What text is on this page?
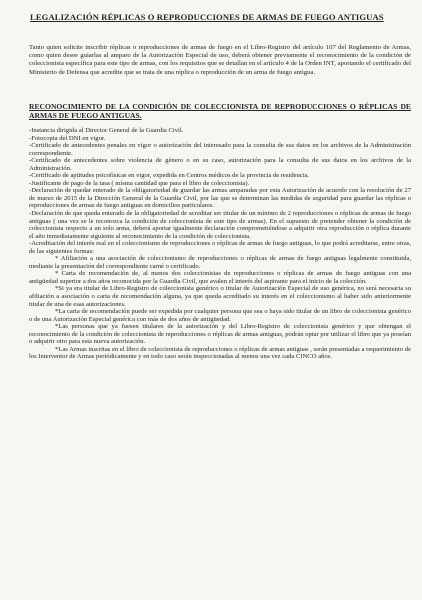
LEGALIZACIÓN RÉPLICAS O REPRODUCCIONES DE ARMAS DE FUEGO ANTIGUAS
Tanto quien solicite inscribir réplicas o reproducciones de armas de fuego en el Libro-Registro del artículo 107 del Reglamento de Armas, como quien desee guiarlas al amparo de la Autorización Especial de uso, deberá obtener previamente el reconocimiento de la condición de coleccionista específica para este tipo de armas, con los requisitos que se detallan en el artículo 4 de la Orden INT, aportando el certificado del Ministerio de Defensa que acredite que se trata de una réplica o reproducción de un arma de fuego antigua.
RECONOCIMIENTO DE LA CONDICIÓN DE COLECCIONISTA DE REPRODUCCIONES O RÉPLICAS DE ARMAS DE FUEGO ANTIGUAS.

-Instancia dirigida al Director General de la Guardia Civil.

-Fotocopia del DNI en vigor.

-Certificado de antecedentes penales en vigor o autorización del interesado para la consulta de sus datos en los archivos de la Administración correspondiente.

-Certificado de antecedentes sobre violencia de género o en su caso, autorización para la consulta de sus datos en los archivos de la Administración.

-Certificado de aptitudes psicofísicas en vigor, expedida en Centros médicos de la provincia de residencia.

-Justificante de pago de la tasa ( mísma cantidad que para el libro de coleccionista).

-Declaración de quedar enterado de la obligatoriedad de guardar las armas amparadas por esta Autorización de acuerdo con la resolución de 27 de marzo de 2015 de la Dirección General de la Guardia Civil, por las que se determinan las medidas de seguridad para guardar las réplicas o reproducciones de armas de fuego antiguas en domicilios particulares.

-Declaración de que queda enterado de la obligatoriedad de acreditar ser titular de un mínimo de 2 reproducciones o réplicas de armas de fuego antiguas ( una vez se le reconozca la condición de coleccionista de este tipo de armas). En el supuesto de pretender obtener la condición de coleccionista respecto a un solo arma, deberá aportar igualmente declaración comprometiéndose a adquirir otra reproducción o réplica durante el año inmediatamente siguiente al reconocimiento de la condición de coleccionista.

-Acreditación del interés real en el coleccionismo de reproducciones o réplicas de armas de fuego antiguas, lo que podrá acreditarse, entre otras, de las siguientes formas:

* Afiliación a una asociación de coleccionismo de reproducciones o réplicas de armas de fuego antiguas legalmente constituida, mediante la presentación del correspondiente carné o certificado.

* Carta de recomendación de, al menos dos coleccionistas de reproducciones o réplicas de armas de fuego antiguas con una antigüedad superior a dos años reconocida por la Guardia Civil, que avalen el interés del aspirante para el inicio de la colección.

*Si ya era titular de Libro-Registro de coleccionista genérico o titular de Autorización Especial de uso genérica, no será necesaria su afiliación a asociación o carta de recomendación alguna, ya que queda acreditado su interés en el coleccionismo al haber sido anteriormente titular de una de esas autorizaciones.

*La carta de recomendación puede ser expedida por cualquier persona que sea o haya sido titular de un libro de coleccionista genérico o de una Autorización Especial genérica con más de dos años de antigüedad.

*Las personas que ya fuesen titulares de la autorización y del Libro-Registro de coleccionista genérico y que obtengan el reconocimiento de la condición de coleccionista de reproducciones o réplicas de armas antiguas, podrán optar por utilizar el libro que ya poseían o adquirir otro para esta nueva autorización.

*Las Armas inscritas en el libro de coleccionista de reproducciones o réplicas de armas antiguas , serán presentadas a requerimiento de los Interventor de Armas periódicamente y en todo caso serán inspeccionadas al menos una vez cada CINCO años.
